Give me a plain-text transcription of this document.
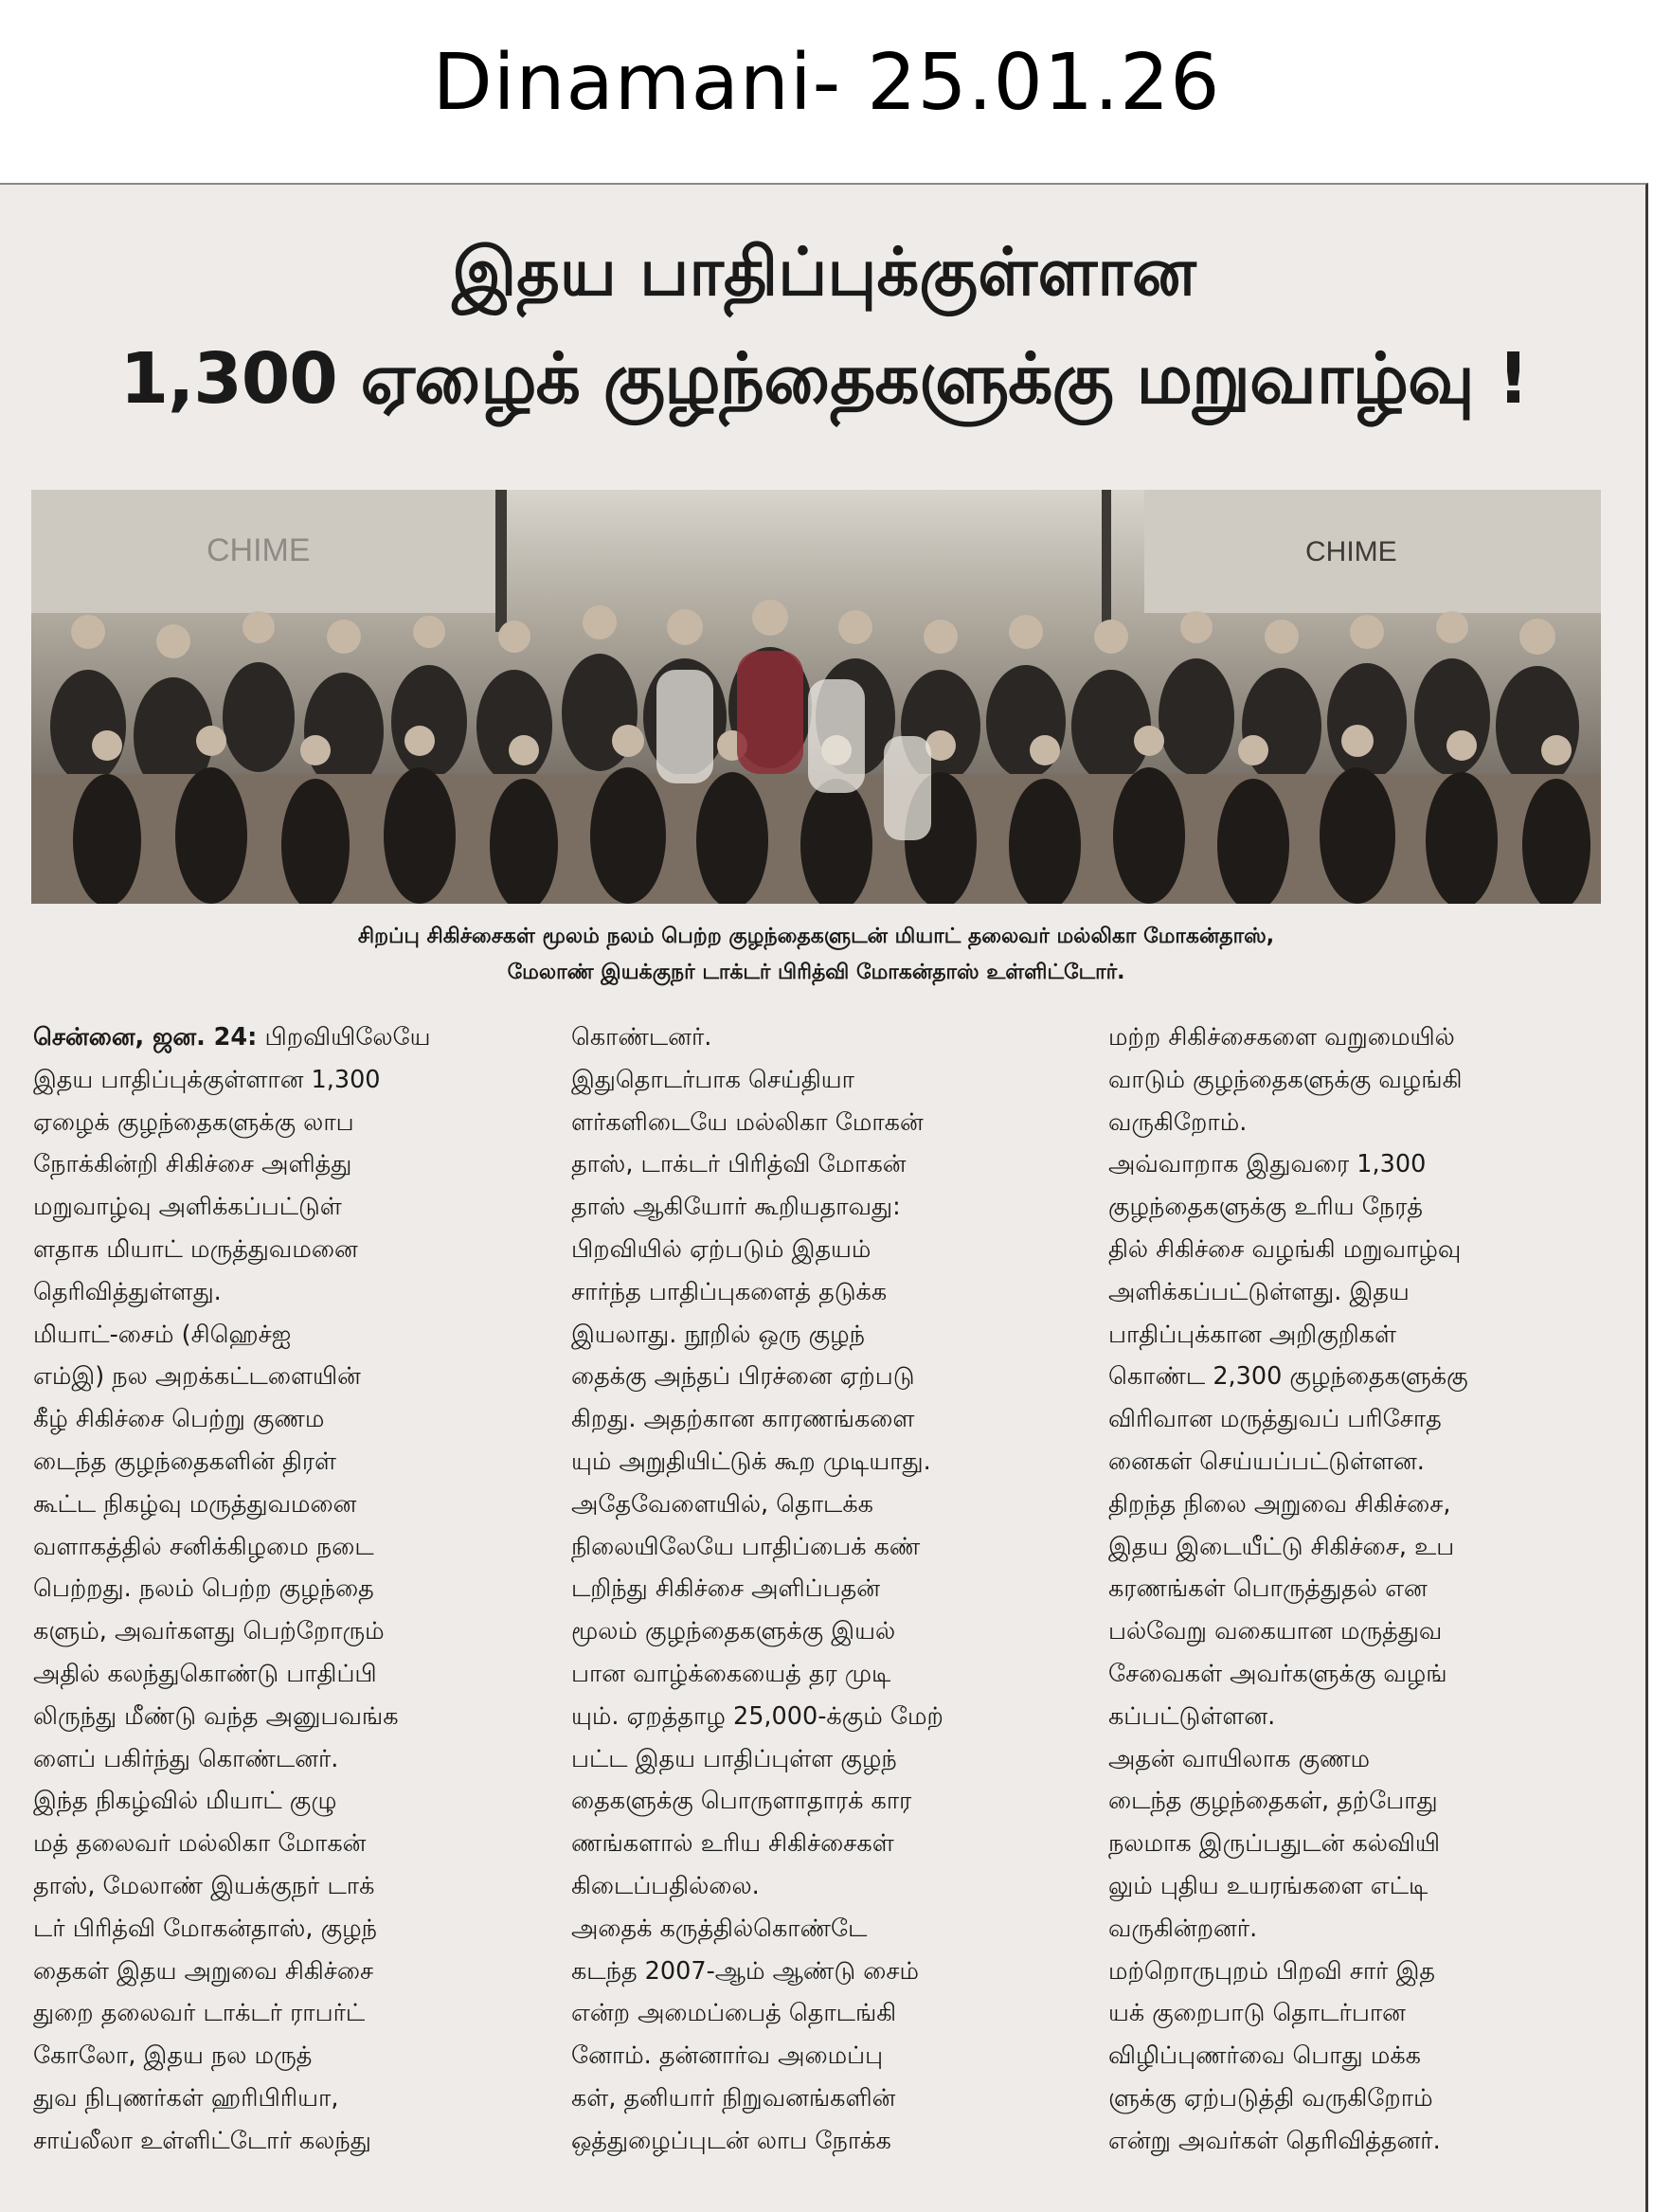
Dinamani- 25.01.26
இதய பாதிப்புக்குள்ளான
1,300 ஏழைக் குழந்தைகளுக்கு மறுவாழ்வு !
CHIME	CHIME
சிறப்பு சிகிச்சைகள் மூலம் நலம் பெற்ற குழந்தைகளுடன் மியாட் தலைவர் மல்லிகா மோகன்தாஸ்,
மேலாண் இயக்குநர் டாக்டர் பிரித்வி மோகன்தாஸ் உள்ளிட்டோர்.

சென்னை, ஜன. 24: பிறவியிலேயே

இதய பாதிப்புக்குள்ளான 1,300

ஏழைக் குழந்தைகளுக்கு லாப

நோக்கின்றி சிகிச்சை அளித்து

மறுவாழ்வு அளிக்கப்பட்டுள்

ளதாக மியாட் மருத்துவமனை

தெரிவித்துள்ளது.

மியாட்-சைம் (சிஹெச்ஐ

எம்இ) நல அறக்கட்டளையின்

கீழ் சிகிச்சை பெற்று குணம

டைந்த குழந்தைகளின் திரள்

கூட்ட நிகழ்வு மருத்துவமனை

வளாகத்தில் சனிக்கிழமை நடை

பெற்றது. நலம் பெற்ற குழந்தை

களும், அவர்களது பெற்றோரும்

அதில் கலந்துகொண்டு பாதிப்பி

லிருந்து மீண்டு வந்த அனுபவங்க

ளைப் பகிர்ந்து கொண்டனர்.

இந்த நிகழ்வில் மியாட் குழு

மத் தலைவர் மல்லிகா மோகன்

தாஸ், மேலாண் இயக்குநர் டாக்

டர் பிரித்வி மோகன்தாஸ், குழந்

தைகள் இதய அறுவை சிகிச்சை

துறை தலைவர் டாக்டர் ராபர்ட்

கோலோ, இதய நல மருத்

துவ நிபுணர்கள் ஹரிபிரியா,

சாய்லீலா உள்ளிட்டோர் கலந்து

கொண்டனர்.

இதுதொடர்பாக செய்தியா

ளர்களிடையே மல்லிகா மோகன்

தாஸ், டாக்டர் பிரித்வி மோகன்

தாஸ் ஆகியோர் கூறியதாவது:

பிறவியில் ஏற்படும் இதயம்

சார்ந்த பாதிப்புகளைத் தடுக்க

இயலாது. நூறில் ஒரு குழந்

தைக்கு அந்தப் பிரச்னை ஏற்படு

கிறது. அதற்கான காரணங்களை

யும் அறுதியிட்டுக் கூற முடியாது.

அதேவேளையில், தொடக்க

நிலையிலேயே பாதிப்பைக் கண்

டறிந்து சிகிச்சை அளிப்பதன்

மூலம் குழந்தைகளுக்கு இயல்

பான வாழ்க்கையைத் தர முடி

யும். ஏறத்தாழ 25,000-க்கும் மேற்

பட்ட இதய பாதிப்புள்ள குழந்

தைகளுக்கு பொருளாதாரக் கார

ணங்களால் உரிய சிகிச்சைகள்

கிடைப்பதில்லை.

அதைக் கருத்தில்கொண்டே

கடந்த 2007-ஆம் ஆண்டு சைம்

என்ற அமைப்பைத் தொடங்கி

னோம். தன்னார்வ அமைப்பு

கள், தனியார் நிறுவனங்களின்

ஒத்துழைப்புடன் லாப நோக்க

மற்ற சிகிச்சைகளை வறுமையில்

வாடும் குழந்தைகளுக்கு வழங்கி

வருகிறோம்.

அவ்வாறாக இதுவரை 1,300

குழந்தைகளுக்கு உரிய நேரத்

தில் சிகிச்சை வழங்கி மறுவாழ்வு

அளிக்கப்பட்டுள்ளது. இதய

பாதிப்புக்கான அறிகுறிகள்

கொண்ட 2,300 குழந்தைகளுக்கு

விரிவான மருத்துவப் பரிசோத

னைகள் செய்யப்பட்டுள்ளன.

திறந்த நிலை அறுவை சிகிச்சை,

இதய இடையீட்டு சிகிச்சை, உப

கரணங்கள் பொருத்துதல் என

பல்வேறு வகையான மருத்துவ

சேவைகள் அவர்களுக்கு வழங்

கப்பட்டுள்ளன.

அதன் வாயிலாக குணம

டைந்த குழந்தைகள், தற்போது

நலமாக இருப்பதுடன் கல்வியி

லும் புதிய உயரங்களை எட்டி

வருகின்றனர்.

மற்றொருபுறம் பிறவி சார் இத

யக் குறைபாடு தொடர்பான

விழிப்புணர்வை பொது மக்க

ளுக்கு ஏற்படுத்தி வருகிறோம்

என்று அவர்கள் தெரிவித்தனர்.
